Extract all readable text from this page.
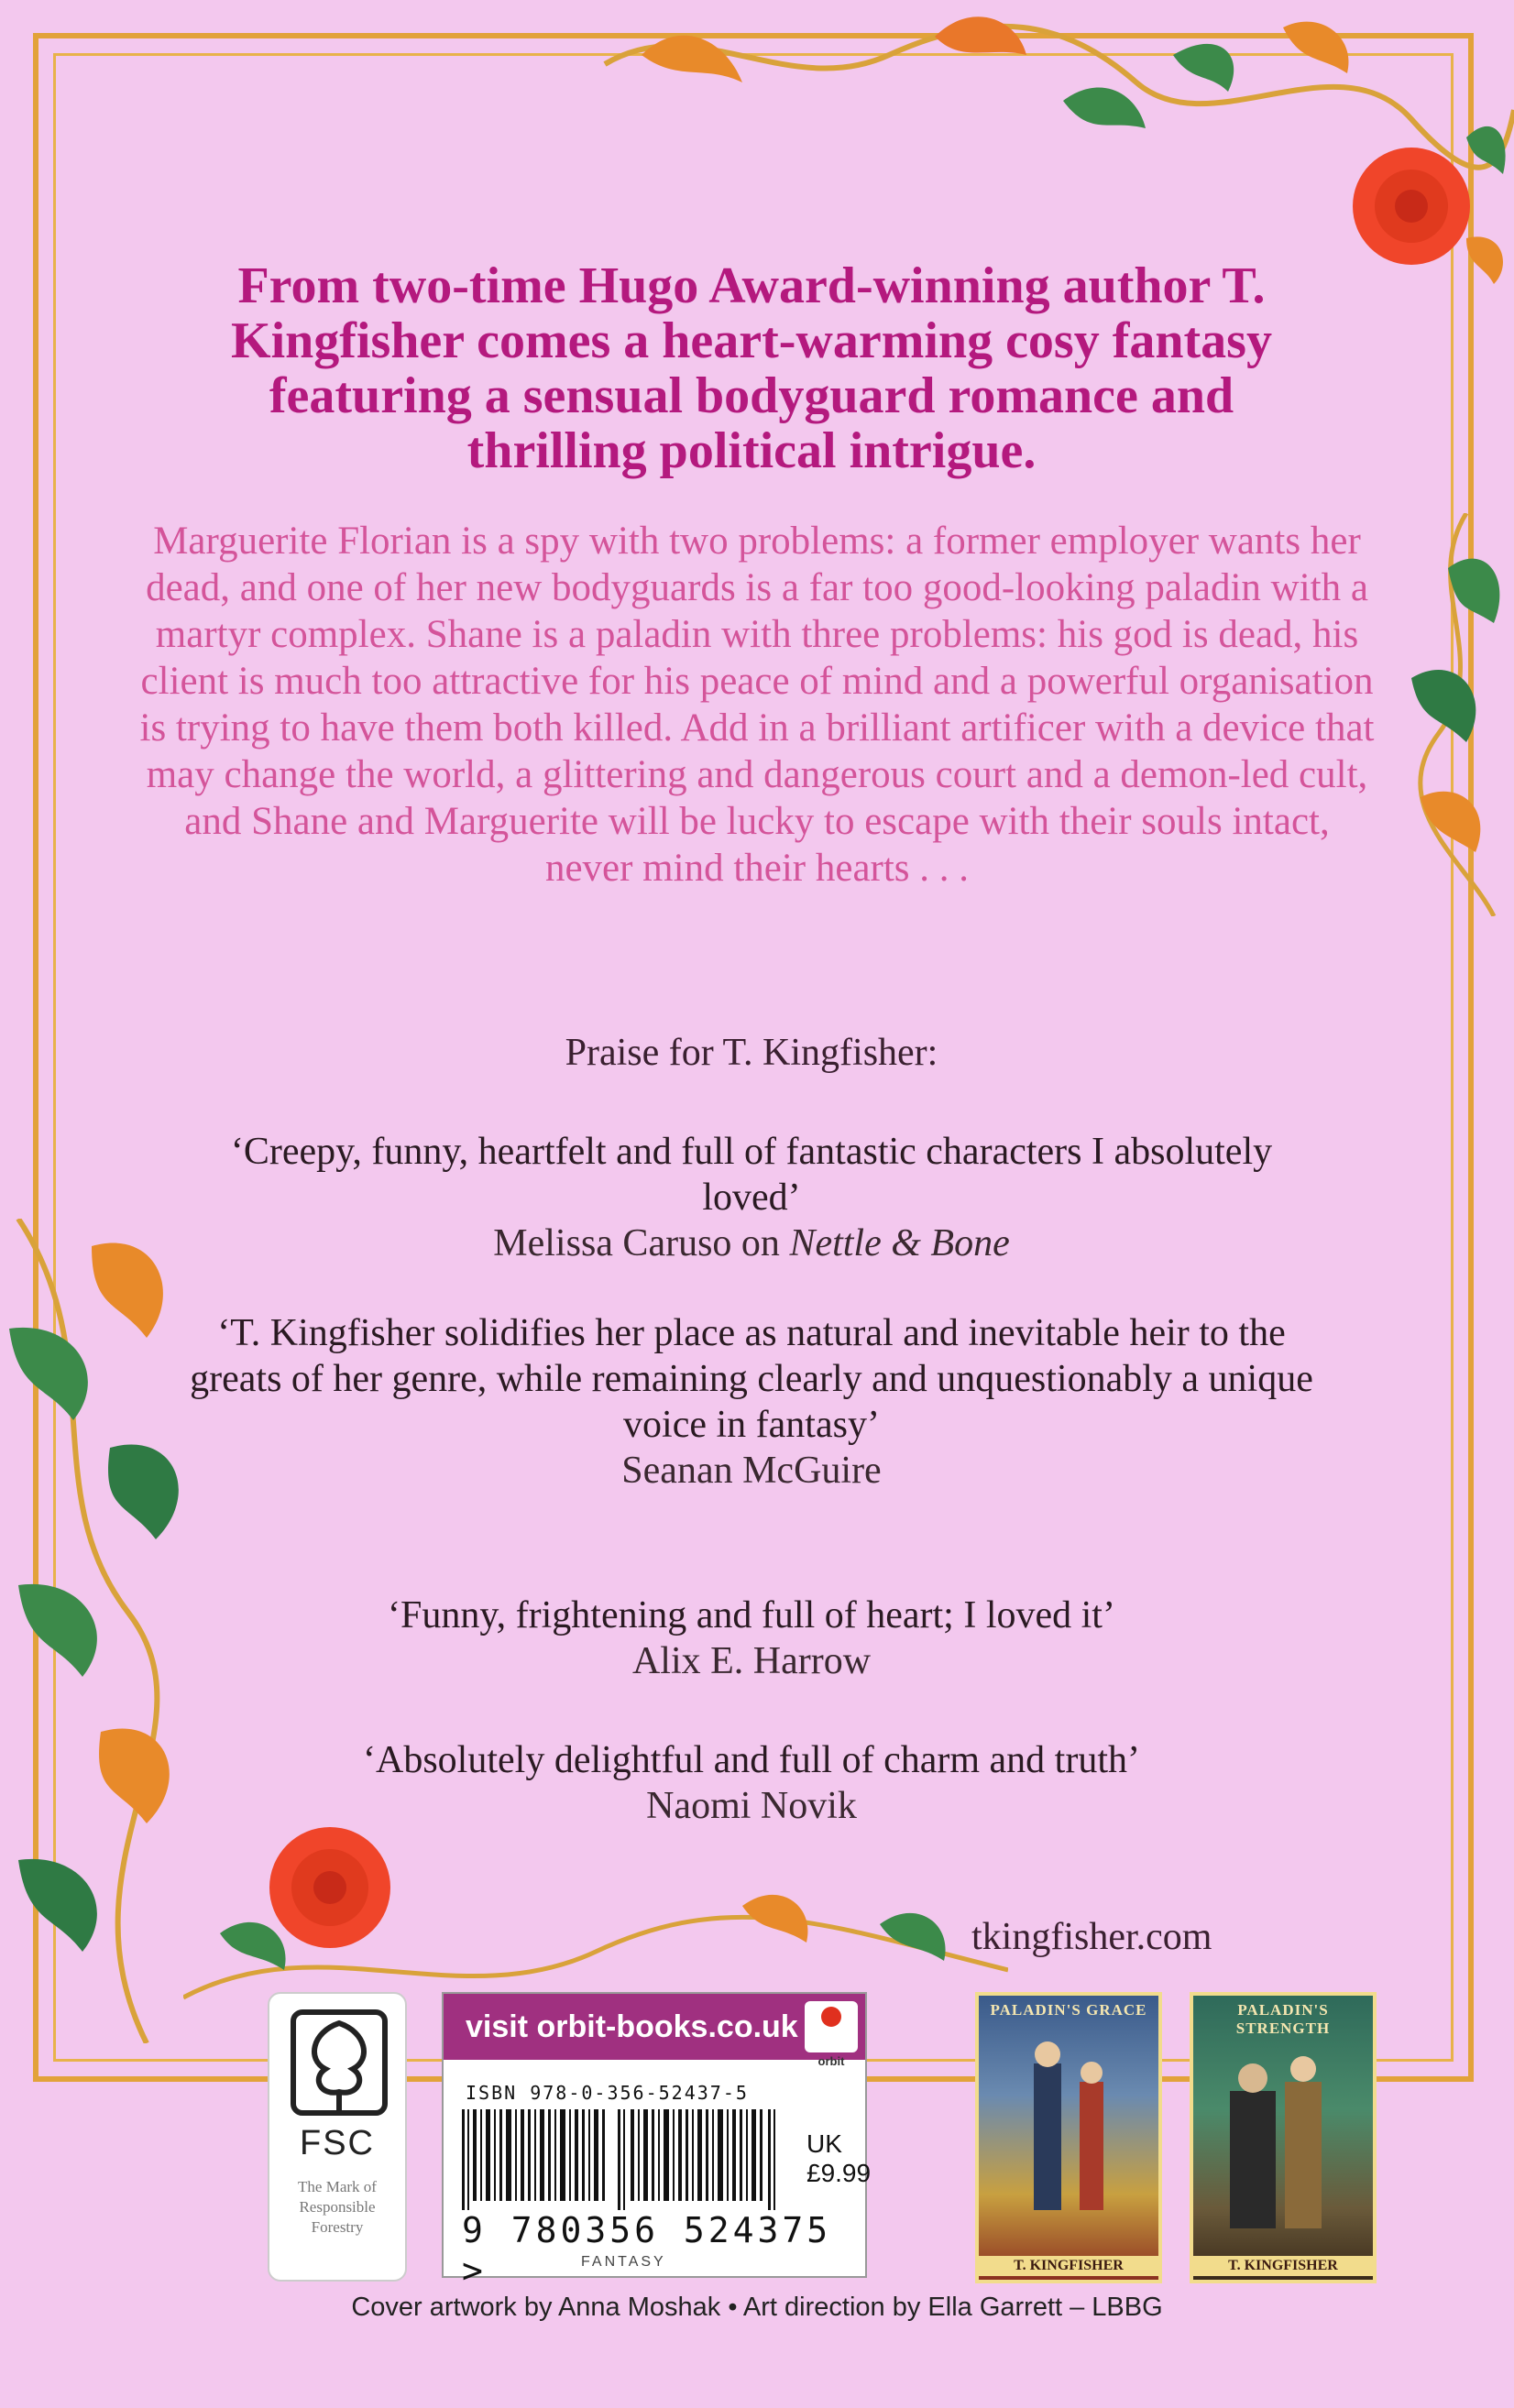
From two-time Hugo Award-winning author T. Kingfisher comes a heart-warming cosy fantasy featuring a sensual bodyguard romance and thrilling political intrigue.

Marguerite Florian is a spy with two problems: a former employer wants her dead, and one of her new bodyguards is a far too good-looking paladin with a martyr complex. Shane is a paladin with three problems: his god is dead, his client is much too attractive for his peace of mind and a powerful organisation is trying to have them both killed. Add in a brilliant artificer with a device that may change the world, a glittering and dangerous court and a demon-led cult, and Shane and Marguerite will be lucky to escape with their souls intact, never mind their hearts . . .

Praise for T. Kingfisher:

‘Creepy, funny, heartfelt and full of fantastic characters I absolutely loved’
Melissa Caruso on Nettle & Bone

‘T. Kingfisher solidifies her place as natural and inevitable heir to the greats of her genre, while remaining clearly and unquestionably a unique voice in fantasy’
Seanan McGuire

‘Funny, frightening and full of heart; I loved it’
Alix E. Harrow

‘Absolutely delightful and full of charm and truth’
Naomi Novik

tkingfisher.com

FSC
The Mark of Responsible Forestry
visit orbit-books.co.uk
orbit
ISBN 978-0-356-52437-5
UK £9.99
9 780356 524375 >	FANTASY
PALADIN'S GRACE
T. KINGFISHER
PALADIN'S STRENGTH
T. KINGFISHER

Cover artwork by Anna Moshak • Art direction by Ella Garrett – LBBG
